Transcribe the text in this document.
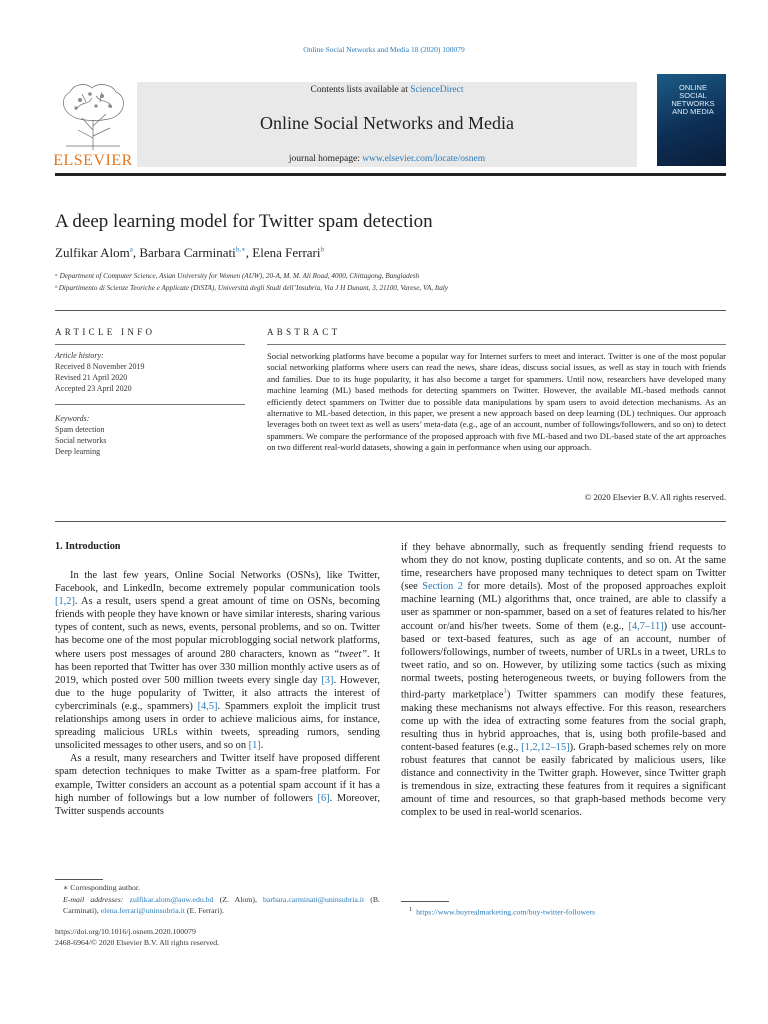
Online Social Networks and Media 18 (2020) 100079
ELSEVIER
Contents lists available at ScienceDirect
Online Social Networks and Media
journal homepage: www.elsevier.com/locate/osnem
ONLINE
SOCIAL
NETWORKS
AND MEDIA
A deep learning model for Twitter spam detection
Zulfikar Alom$^a$, Barbara Carminati$^{b,∗}$, Elena Ferrari$^b$
ᵃ Department of Computer Science, Asian University for Women (AUW), 20-A, M. M. Ali Road, 4000, Chittagong, Bangladesh
ᵇ Dipartimento di Scienze Teoriche e Applicate (DiSTA), Università degli Studi dell’Insubria, Via J H Dunant, 3, 21100, Varese, VA, Italy
ARTICLE INFO
Article history:
Received 8 November 2019
Revised 21 April 2020
Accepted 23 April 2020
Keywords:
Spam detection
Social networks
Deep learning
ABSTRACT
Social networking platforms have become a popular way for Internet surfers to meet and interact. Twitter is one of the most popular social networking platforms where users can read the news, share ideas, discuss social issues, as well as stay in touch with friends and families. Due to its huge popularity, it has also become a target for spammers. Until now, researchers have developed many machine learning (ML) based methods for detecting spammers on Twitter. However, the available ML-based methods cannot efficiently detect spammers on Twitter due to possible data manipulations by spam users to avoid detection mechanisms. As an alternative to ML-based detection, in this paper, we present a new approach based on deep learning (DL) techniques. Our approach leverages both on tweet text as well as users’ meta-data (e.g., age of an account, number of followings/followers, and so on) to detect spammers. We compare the performance of the proposed approach with five ML-based and two DL-based state of the art approaches on two different real-world datasets, showing a gain in performance when using our approach.
© 2020 Elsevier B.V. All rights reserved.
1. Introduction

In the last few years, Online Social Networks (OSNs), like Twitter, Facebook, and LinkedIn, become extremely popular communication tools [1,2]. As a result, users spend a great amount of time on OSNs, becoming friends with people they have known or have similar interests, sharing various types of content, such as news, events, personal problems, and so on. Twitter has become one of the most popular microblogging social network platforms, where users post messages of around 280 characters, known as “tweet”. It has been reported that Twitter has over 330 million monthly active users as of 2019, which posted over 500 million tweets every single day [3]. However, due to the huge popularity of Twitter, it also attracts the interest of cybercriminals (e.g., spammers) [4,5]. Spammers exploit the implicit trust relationships among users in order to achieve malicious aims, for instance, spreading malicious URLs within tweets, spreading rumors, sending unsolicited messages to other users, and so on [1].

As a result, many researchers and Twitter itself have proposed different spam detection techniques to make Twitter as a spam-free platform. For example, Twitter considers an account as a potential spam account if it has a high number of followings but a low number of followers [6]. Moreover, Twitter suspends accounts

if they behave abnormally, such as frequently sending friend requests to whom they do not know, posting duplicate contents, and so on. At the same time, researchers have proposed many techniques to detect spam on Twitter (see Section 2 for more details). Most of the proposed approaches exploit machine learning (ML) algorithms that, once trained, are able to classify a user as spammer or non-spammer, based on a set of features related to his/her account or/and his/her tweets. Some of them (e.g., [4,7–11]) use account-based or text-based features, such as age of an account, number of followers/followings, number of tweets, number of URLs in a tweet, URLs to tweet ratio, and so on. However, by utilizing some tactics (such as mixing normal tweets, posting heterogeneous tweets, or buying followers from the third-party marketplace$^1$) Twitter spammers can modify these features, making these mechanisms not always effective. For this reason, researchers come up with the idea of extracting some features from the social graph, resulting thus in hybrid approaches, that is, using both profile-based and content-based features (e.g., [1,2,12–15]). Graph-based schemes rely on more robust features that cannot be easily fabricated by malicious users, like distance and connectivity in the Twitter graph. However, since Twitter graph is tremendous in size, extracting these features from it requires a significant amount of time and resources, so that graph-based methods become very complex to be used in real-world scenarios.

∗ Corresponding author.
E-mail addresses: zulfikar.alom@auw.edu.bd (Z. Alom), barbara.carminati@uninsubria.it (B. Carminati), elena.ferrari@uninsubria.it (E. Ferrari).
https://doi.org/10.1016/j.osnem.2020.100079
2468-6964/© 2020 Elsevier B.V. All rights reserved.
$^1$ https://www.buyrealmarketing.com/buy-twitter-followers
